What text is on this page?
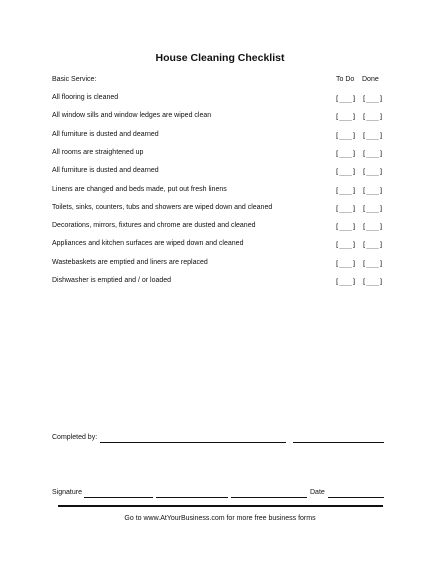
House Cleaning Checklist
Basic Service:	To Do Done
All flooring is cleaned	[___] [___]
All window sills and window ledges are wiped clean	[___] [___]
All furniture is dusted and dearned	[___] [___]
All rooms are straightened up	[___] [___]
All furniture is dusted and dearned	[___] [___]
Linens are changed and beds made, put out fresh linens	[___] [___]
Toilets, sinks, counters, tubs and showers are wiped down and cleaned	[___] [___]
Decorations, mirrors, fixtures and chrome are dusted and cleaned	[___] [___]
Appliances and kitchen surfaces are wiped down and cleaned	[___] [___]
Wastebaskets are emptied and liners are replaced	[___] [___]
Dishwasher is emptied and / or loaded	[___] [___]
Completed by:
Signature	Date
Go to www.AtYourBusiness.com for more free business forms
